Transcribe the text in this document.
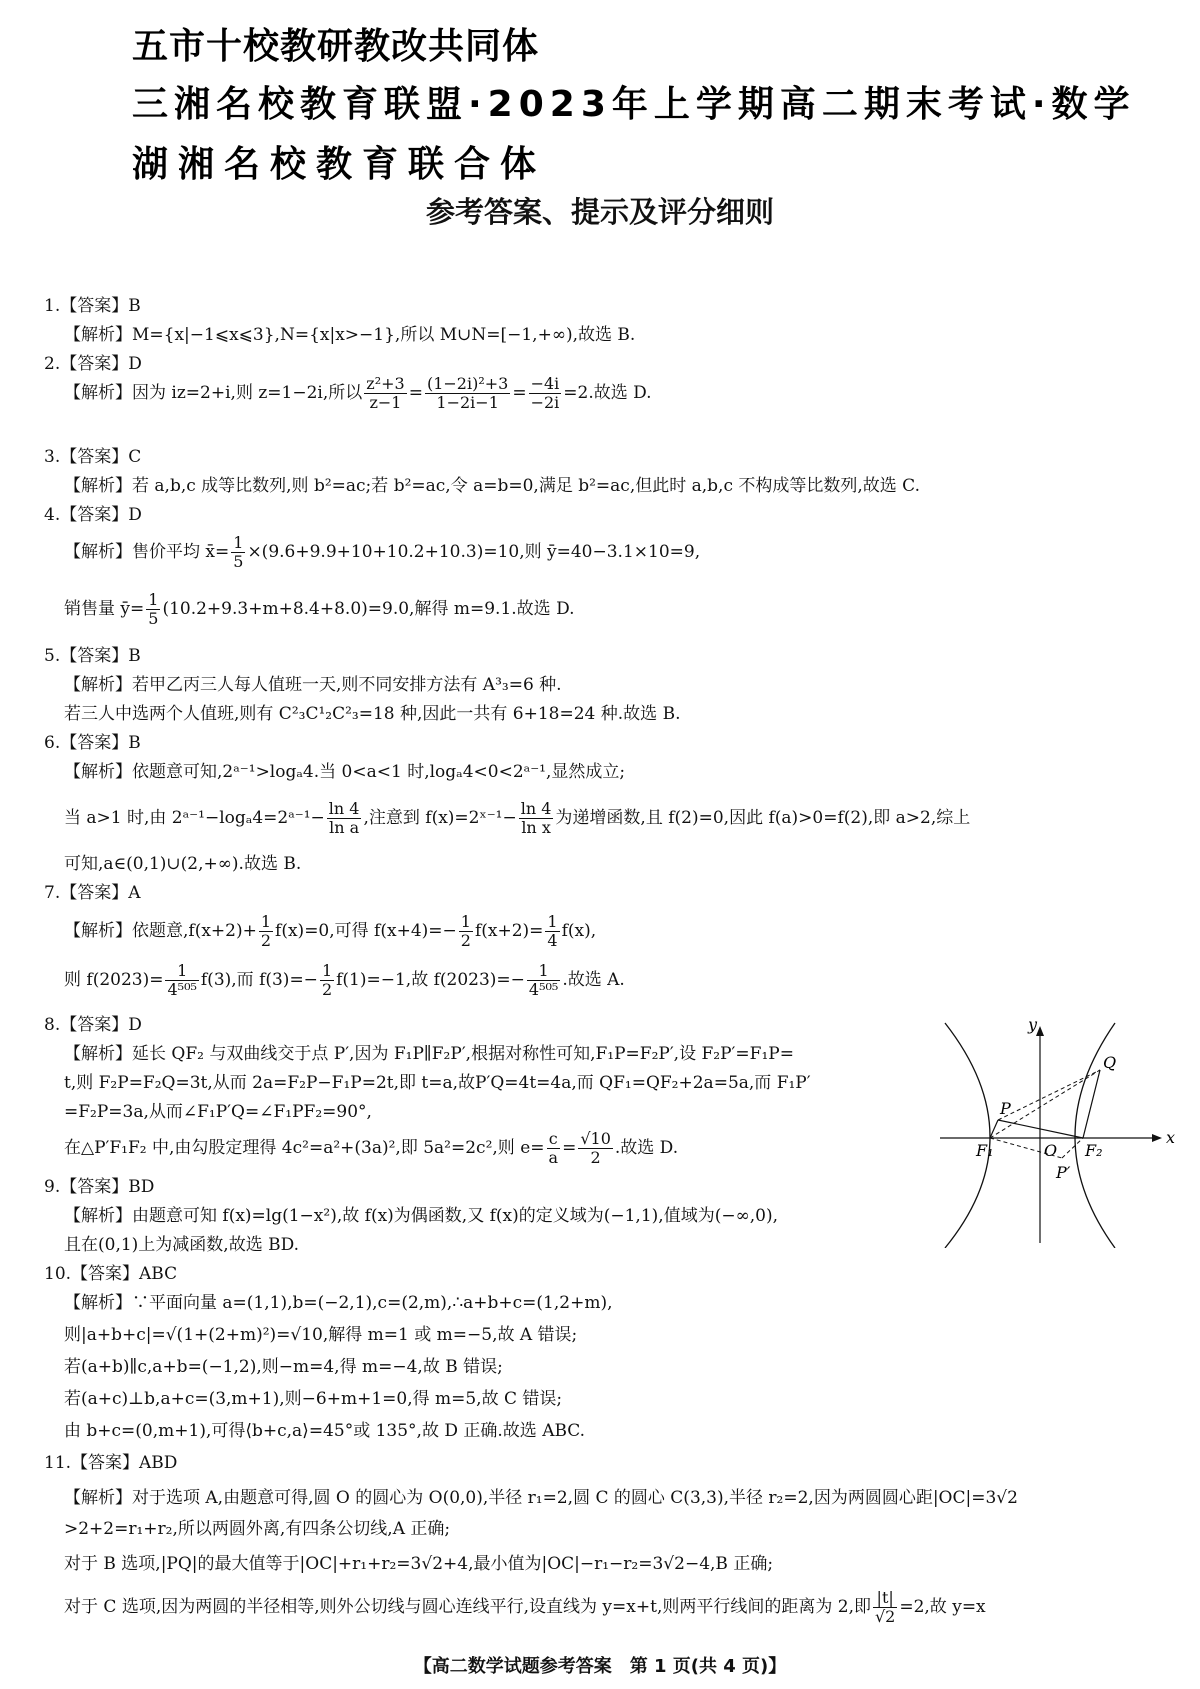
五市十校教研教改共同体
三湘名校教育联盟·2023年上学期高二期末考试·数学
湖湘名校教育联合体
参考答案、提示及评分细则
1.【答案】B
【解析】M={x|−1⩽x⩽3},N={x|x>−1},所以 M∪N=[−1,+∞),故选 B.
2.【答案】D
3.【答案】C
【解析】若 a,b,c 成等比数列,则 b²=ac;若 b²=ac,令 a=b=0,满足 b²=ac,但此时 a,b,c 不构成等比数列,故选 C.
4.【答案】D
5.【答案】B
【解析】若甲乙丙三人每人值班一天,则不同安排方法有 A³₃=6 种.
若三人中选两个人值班,则有 C²₃C¹₂C²₃=18 种,因此一共有 6+18=24 种.故选 B.
6.【答案】B
【解析】依题意可知,2ᵃ⁻¹>logₐ4.当 0<a<1 时,logₐ4<0<2ᵃ⁻¹,显然成立;
可知,a∈(0,1)∪(2,+∞).故选 B.
7.【答案】A
8.【答案】D
【解析】延长 QF₂ 与双曲线交于点 P′,因为 F₁P∥F₂P′,根据对称性可知,F₁P=F₂P′,设 F₂P′=F₁P=
t,则 F₂P=F₂Q=3t,从而 2a=F₂P−F₁P=2t,即 t=a,故P′Q=4t=4a,而 QF₁=QF₂+2a=5a,而 F₁P′
=F₂P=3a,从而∠F₁P′Q=∠F₁PF₂=90°,
9.【答案】BD
【解析】由题意可知 f(x)=lg(1−x²),故 f(x)为偶函数,又 f(x)的定义域为(−1,1),值域为(−∞,0),
且在(0,1)上为减函数,故选 BD.
10.【答案】ABC
【解析】∵平面向量 a=(1,1),b=(−2,1),c=(2,m),∴a+b+c=(1,2+m),
则|a+b+c|=√(1+(2+m)²)=√10,解得 m=1 或 m=−5,故 A 错误;
若(a+b)∥c,a+b=(−1,2),则−m=4,得 m=−4,故 B 错误;
若(a+c)⊥b,a+c=(3,m+1),则−6+m+1=0,得 m=5,故 C 错误;
由 b+c=(0,m+1),可得⟨b+c,a⟩=45°或 135°,故 D 正确.故选 ABC.
11.【答案】ABD
【解析】对于选项 A,由题意可得,圆 O 的圆心为 O(0,0),半径 r₁=2,圆 C 的圆心 C(3,3),半径 r₂=2,因为两圆圆心距|OC|=3√2
>2+2=r₁+r₂,所以两圆外离,有四条公切线,A 正确;
对于 B 选项,|PQ|的最大值等于|OC|+r₁+r₂=3√2+4,最小值为|OC|−r₁−r₂=3√2−4,B 正确;
【解析】因为 iz=2+i,则 z=1−2i,所以 $\frac{\text{z²+3}}{z-1} = \frac{\text{(1−2i)²+3}}{1-2i-1} = \frac{-4i}{-2i} =2$.故选 D.
【解析】售价平均 x̄= $\frac{1}{5} \times(9.6+9.9+10+10.2+10.3)=10$,则 ȳ=40−3.1×10=9,
销售量 ȳ= $\frac{1}{5} (10.2+9.3+m+8.4+8.0)=9.0$,解得 m=9.1.故选 D.
当 a>1 时,由 2ᵃ⁻¹−logₐ4=2ᵃ⁻¹− $\frac{\ln 4}{\text{ln a}}$ ,注意到 f(x)=2ˣ⁻¹− $\frac{\ln 4}{\text{ln x}}$ 为递增函数,且 f(2)=0,因此 f(a)>0=f(2),即 a>2,综上
【解析】依题意$,f(x+2)+ \frac{1}{2} f(x)=0$,可得 $f(x+4)=- \frac{1}{2} f(x+2)= \frac{1}{4} f(x)$,
则 $f(2023)= \frac{1}{\text{4⁵⁰⁵}} f(3)$,而 $f(3)=- \frac{1}{2} f(1)=-1$,故 $f(2023)=- \frac{1}{\text{4⁵⁰⁵}}$ .故选 A.
在△P′F₁F₂ 中,由勾股定理得 4c²=a²+(3a)²,即 5a²=2c²,则 $e= \frac{c}{a} = \frac{√10}{2}$ .故选 D.
对于 C 选项,因为两圆的半径相等,则外公切线与圆心连线平行,设直线为 y=x+t,则两平行线间的距离为 2,即 $\frac{|t|}{√2} =2$,故 y=x
y
x
P
Q
O
F₁	F₂
P′
【高二数学试题参考答案　第 1 页(共 4 页)】
